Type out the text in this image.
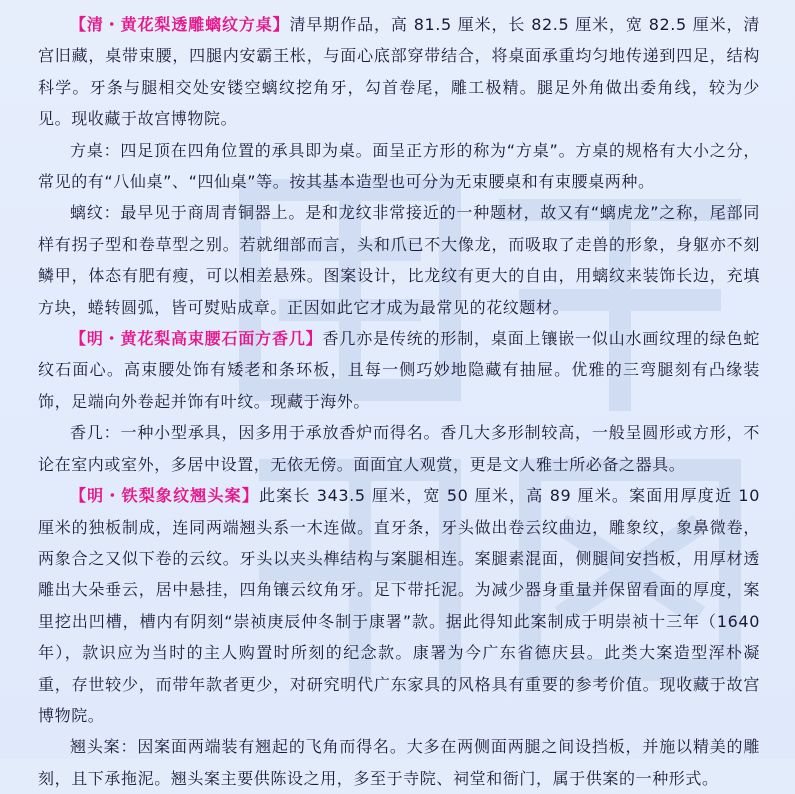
【清・黄花梨透雕螭纹方桌】清早期作品，高 81.5 厘米，长 82.5 厘米，宽 82.5 厘米，清宫旧藏，桌带束腰，四腿内安霸王枨，与面心底部穿带结合，将桌面承重均匀地传递到四足，结构科学。牙条与腿相交处安镂空螭纹挖角牙，勾首卷尾，雕工极精。腿足外角做出委角线，较为少见。现收藏于故宫博物院。

方桌：四足顶在四角位置的承具即为桌。面呈正方形的称为“方桌”。方桌的规格有大小之分，常见的有“八仙桌”、“四仙桌”等。按其基本造型也可分为无束腰桌和有束腰桌两种。

螭纹：最早见于商周青铜器上。是和龙纹非常接近的一种题材，故又有“螭虎龙”之称，尾部同样有拐子型和卷草型之别。若就细部而言，头和爪已不大像龙，而吸取了走兽的形象，身躯亦不刻鳞甲，体态有肥有瘦，可以相差悬殊。图案设计，比龙纹有更大的自由，用螭纹来装饰长边，充填方块，蜷转圆弧，皆可熨贴成章。正因如此它才成为最常见的花纹题材。

【明・黄花梨高束腰石面方香几】香几亦是传统的形制，桌面上镶嵌一似山水画纹理的绿色蛇纹石面心。高束腰处饰有矮老和条环板，且每一侧巧妙地隐藏有抽屉。优雅的三弯腿刻有凸缘装饰，足端向外卷起并饰有叶纹。现藏于海外。

香几：一种小型承具，因多用于承放香炉而得名。香几大多形制较高，一般呈圆形或方形，不论在室内或室外，多居中设置，无依无傍。面面宜人观赏，更是文人雅士所必备之器具。

【明・铁梨象纹翘头案】此案长 343.5 厘米，宽 50 厘米，高 89 厘米。案面用厚度近 10 厘米的独板制成，连同两端翘头系一木连做。直牙条，牙头做出卷云纹曲边，雕象纹，象鼻微卷，两象合之又似下卷的云纹。牙头以夹头榫结构与案腿相连。案腿素混面，侧腿间安挡板，用厚材透雕出大朵垂云，居中悬挂，四角镶云纹角牙。足下带托泥。为减少器身重量并保留看面的厚度，案里挖出凹槽，槽内有阴刻“崇祯庚辰仲冬制于康署”款。据此得知此案制成于明崇祯十三年（1640 年），款识应为当时的主人购置时所刻的纪念款。康署为今广东省德庆县。此类大案造型浑朴凝重，存世较少，而带年款者更少，对研究明代广东家具的风格具有重要的参考价值。现收藏于故宫博物院。

翘头案：因案面两端装有翘起的飞角而得名。大多在两侧面两腿之间设挡板，并施以精美的雕刻，且下承拖泥。翘头案主要供陈设之用，多至于寺院、祠堂和衙门，属于供案的一种形式。
